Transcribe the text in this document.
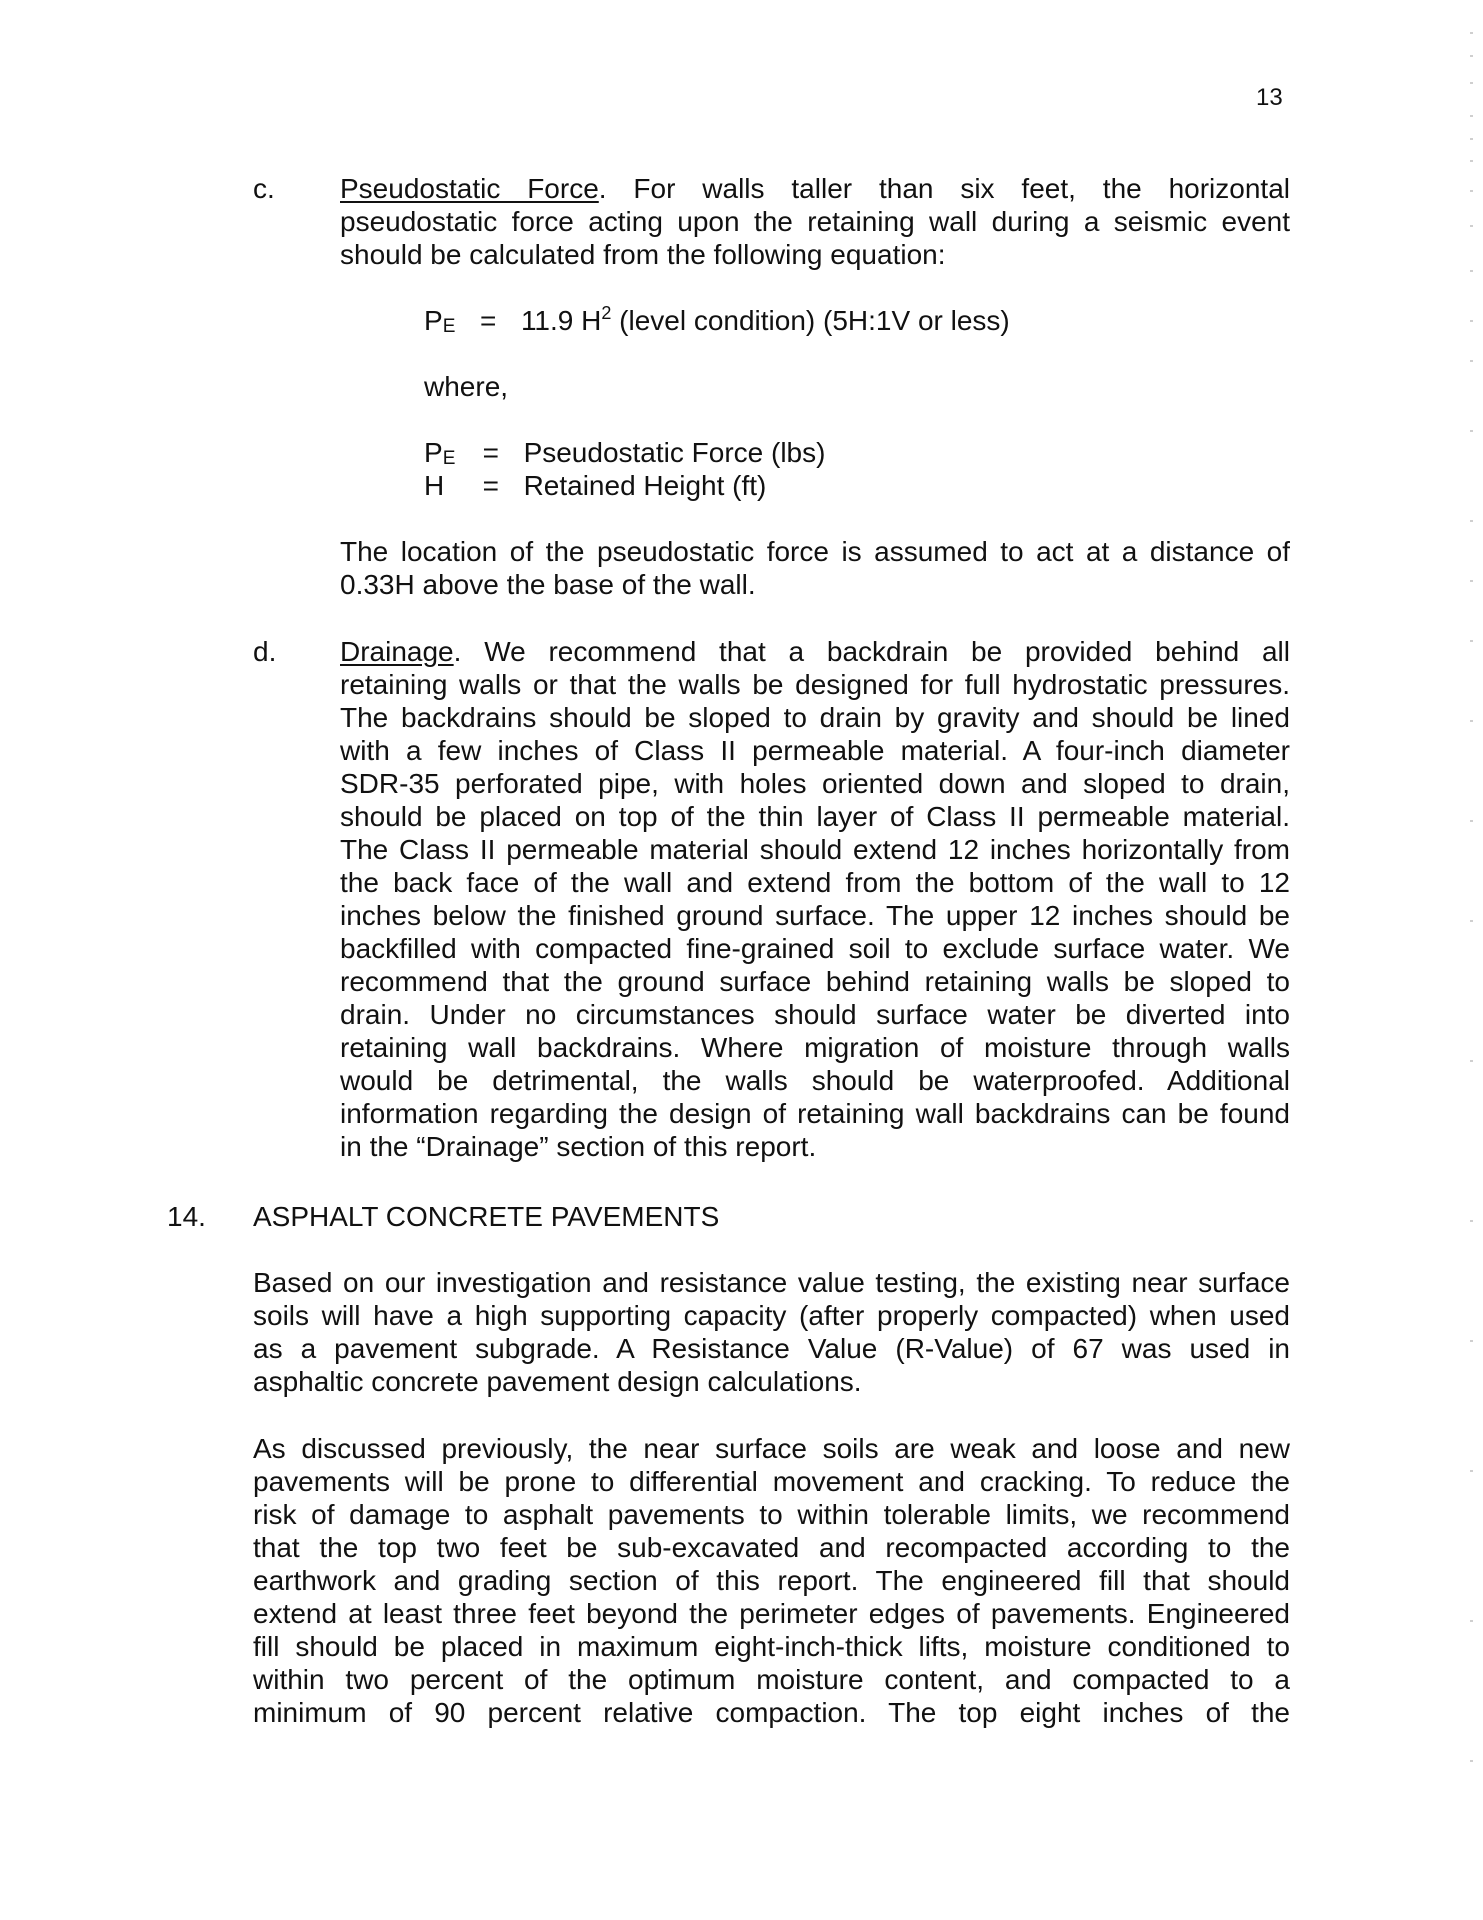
13
c. Pseudostatic Force. For walls taller than six feet, the horizontal
pseudostatic force acting upon the retaining wall during a seismic event
should be calculated from the following equation:
PE = 11.9 $H^2$ (level condition) (5H:1V or less)
where,
PE = Pseudostatic Force (lbs)
H = Retained Height (ft)
The location of the pseudostatic force is assumed to act at a distance of
0.33H above the base of the wall.
d. Drainage. We recommend that a backdrain be provided behind all
retaining walls or that the walls be designed for full hydrostatic pressures.
The backdrains should be sloped to drain by gravity and should be lined
with a few inches of Class II permeable material. A four-inch diameter
SDR-35 perforated pipe, with holes oriented down and sloped to drain,
should be placed on top of the thin layer of Class II permeable material.
The Class II permeable material should extend 12 inches horizontally from
the back face of the wall and extend from the bottom of the wall to 12
inches below the finished ground surface. The upper 12 inches should be
backfilled with compacted fine-grained soil to exclude surface water. We
recommend that the ground surface behind retaining walls be sloped to
drain. Under no circumstances should surface water be diverted into
retaining wall backdrains. Where migration of moisture through walls
would be detrimental, the walls should be waterproofed. Additional
information regarding the design of retaining wall backdrains can be found
in the “Drainage” section of this report.
14. ASPHALT CONCRETE PAVEMENTS
Based on our investigation and resistance value testing, the existing near surface
soils will have a high supporting capacity (after properly compacted) when used
as a pavement subgrade. A Resistance Value (R-Value) of 67 was used in
asphaltic concrete pavement design calculations.
As discussed previously, the near surface soils are weak and loose and new
pavements will be prone to differential movement and cracking. To reduce the
risk of damage to asphalt pavements to within tolerable limits, we recommend
that the top two feet be sub-excavated and recompacted according to the
earthwork and grading section of this report. The engineered fill that should
extend at least three feet beyond the perimeter edges of pavements. Engineered
fill should be placed in maximum eight-inch-thick lifts, moisture conditioned to
within two percent of the optimum moisture content, and compacted to a
minimum of 90 percent relative compaction. The top eight inches of the
